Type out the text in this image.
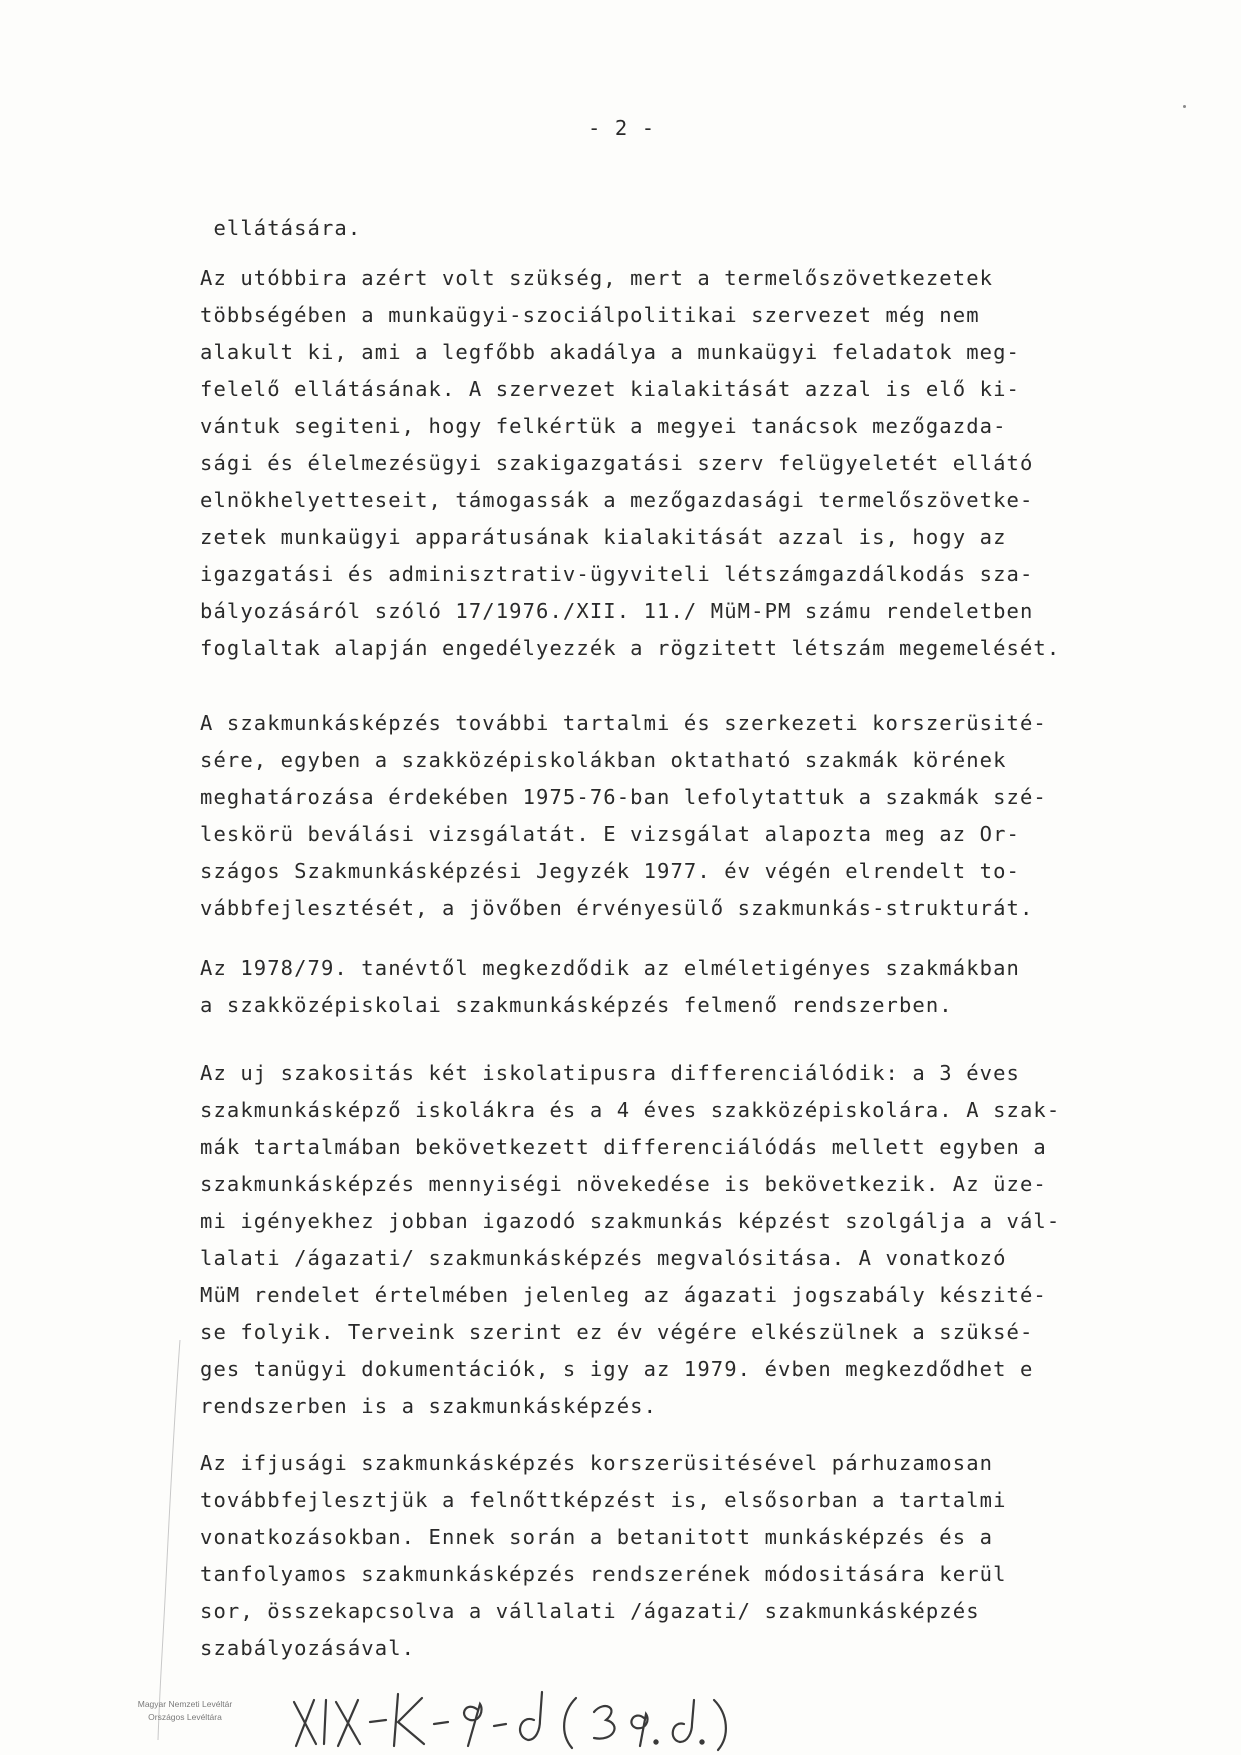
- 2 -
ellátására.
Az utóbbira azért volt szükség, mert a termelőszövetkezetek
többségében a munkaügyi-szociálpolitikai szervezet még nem
alakult ki, ami a legfőbb akadálya a munkaügyi feladatok meg-
felelő ellátásának. A szervezet kialakitását azzal is elő ki-
vántuk segiteni, hogy felkértük a megyei tanácsok mezőgazda-
sági és élelmezésügyi szakigazgatási szerv felügyeletét ellátó
elnökhelyetteseit, támogassák a mezőgazdasági termelőszövetke-
zetek munkaügyi apparátusának kialakitását azzal is, hogy az
igazgatási és adminisztrativ-ügyviteli létszámgazdálkodás sza-
bályozásáról szóló 17/1976./XII. 11./ MüM-PM számu rendeletben
foglaltak alapján engedélyezzék a rögzitett létszám megemelését.
A szakmunkásképzés további tartalmi és szerkezeti korszerüsité-
sére, egyben a szakközépiskolákban oktatható szakmák körének
meghatározása érdekében 1975-76-ban lefolytattuk a szakmák szé-
leskörü beválási vizsgálatát. E vizsgálat alapozta meg az Or-
szágos Szakmunkásképzési Jegyzék 1977. év végén elrendelt to-
vábbfejlesztését, a jövőben érvényesülő szakmunkás-strukturát.
Az 1978/79. tanévtől megkezdődik az elméletigényes szakmákban
a szakközépiskolai szakmunkásképzés felmenő rendszerben.
Az uj szakositás két iskolatipusra differenciálódik: a 3 éves
szakmunkásképző iskolákra és a 4 éves szakközépiskolára. A szak-
mák tartalmában bekövetkezett differenciálódás mellett egyben a
szakmunkásképzés mennyiségi növekedése is bekövetkezik. Az üze-
mi igényekhez jobban igazodó szakmunkás képzést szolgálja a vál-
lalati /ágazati/ szakmunkásképzés megvalósitása. A vonatkozó
MüM rendelet értelmében jelenleg az ágazati jogszabály készité-
se folyik. Terveink szerint ez év végére elkészülnek a szüksé-
ges tanügyi dokumentációk, s igy az 1979. évben megkezdődhet e
rendszerben is a szakmunkásképzés.
Az ifjusági szakmunkásképzés korszerüsitésével párhuzamosan
továbbfejlesztjük a felnőttképzést is, elsősorban a tartalmi
vonatkozásokban. Ennek során a betanitott munkásképzés és a
tanfolyamos szakmunkásképzés rendszerének módositására kerül
sor, összekapcsolva a vállalati /ágazati/ szakmunkásképzés
szabályozásával.
Magyar Nemzeti Levéltár
Országos Levéltára
